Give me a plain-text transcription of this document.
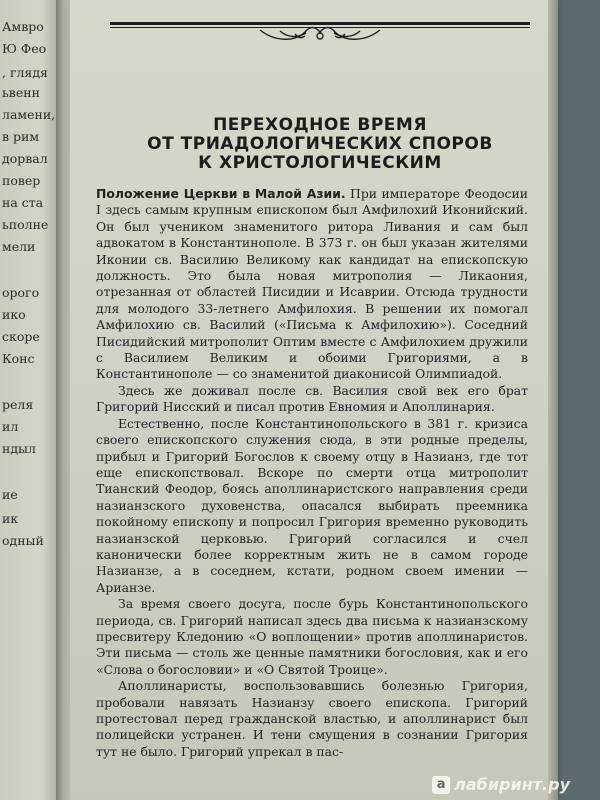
Амвро
Ю Фео
, глядя
ьвенн
ламени,
в рим
дорвал
повер
на ста
ьполне
мели
орого
ико
скоре
Конс
реля
ил
ндыл
ие
ик
одный
ПЕРЕХОДНОЕ ВРЕМЯ
ОТ ТРИАДОЛОГИЧЕСКИХ СПОРОВ
К ХРИСТОЛОГИЧЕСКИМ

Положение Церкви в Малой Азии. При императоре Феодосии I здесь самым крупным епископом был Амфилохий Иконийский. Он был учеником знаменитого ритора Ливания и сам был адвокатом в Константинополе. В 373 г. он был указан жителями Иконии св. Василию Великому как кандидат на епископскую должность. Это была новая митрополия — Ликаония, отрезанная от областей Писидии и Исаврии. Отсюда трудности для молодого 33-летнего Амфилохия. В решении их помогал Амфилохию св. Василий («Письма к Амфилохию»). Соседний Писидийский митрополит Оптим вместе с Амфилохием дружили с Василием Великим и обоими Григориями, а в Константинополе — со знаменитой диаконисой Олимпиадой.

Здесь же доживал после св. Василия свой век его брат Григорий Нисский и писал против Евномия и Аполлинария.

Естественно, после Константинопольского в 381 г. кризиса своего епископского служения сюда, в эти родные пределы, прибыл и Григорий Богослов к своему отцу в Назианз, где тот еще епископствовал. Вскоре по смерти отца митрополит Тианский Феодор, боясь аполлинаристского направления среди назианзского духовенства, опасался выбирать преемника покойному епископу и попросил Григория временно руководить назианзской церковью. Григорий согласился и счел канонически более корректным жить не в самом городе Назианзе, а в соседнем, кстати, родном своем имении — Арианзе.

За время своего досуга, после бурь Константинопольского периода, св. Григорий написал здесь два письма к назианзскому пресвитеру Кледонию «О воплощении» против аполлинаристов. Эти письма — столь же ценные памятники богословия, как и его «Слова о богословии» и «О Святой Троице».

Аполлинаристы, воспользовавшись болезнью Григория, пробовали навязать Назианзу своего епископа. Григорий протестовал перед гражданской властью, и аполлинарист был полицейски устранен. И тени смущения в сознании Григория тут не было. Григорий упрекал в пас-

a лабиринт.ру
